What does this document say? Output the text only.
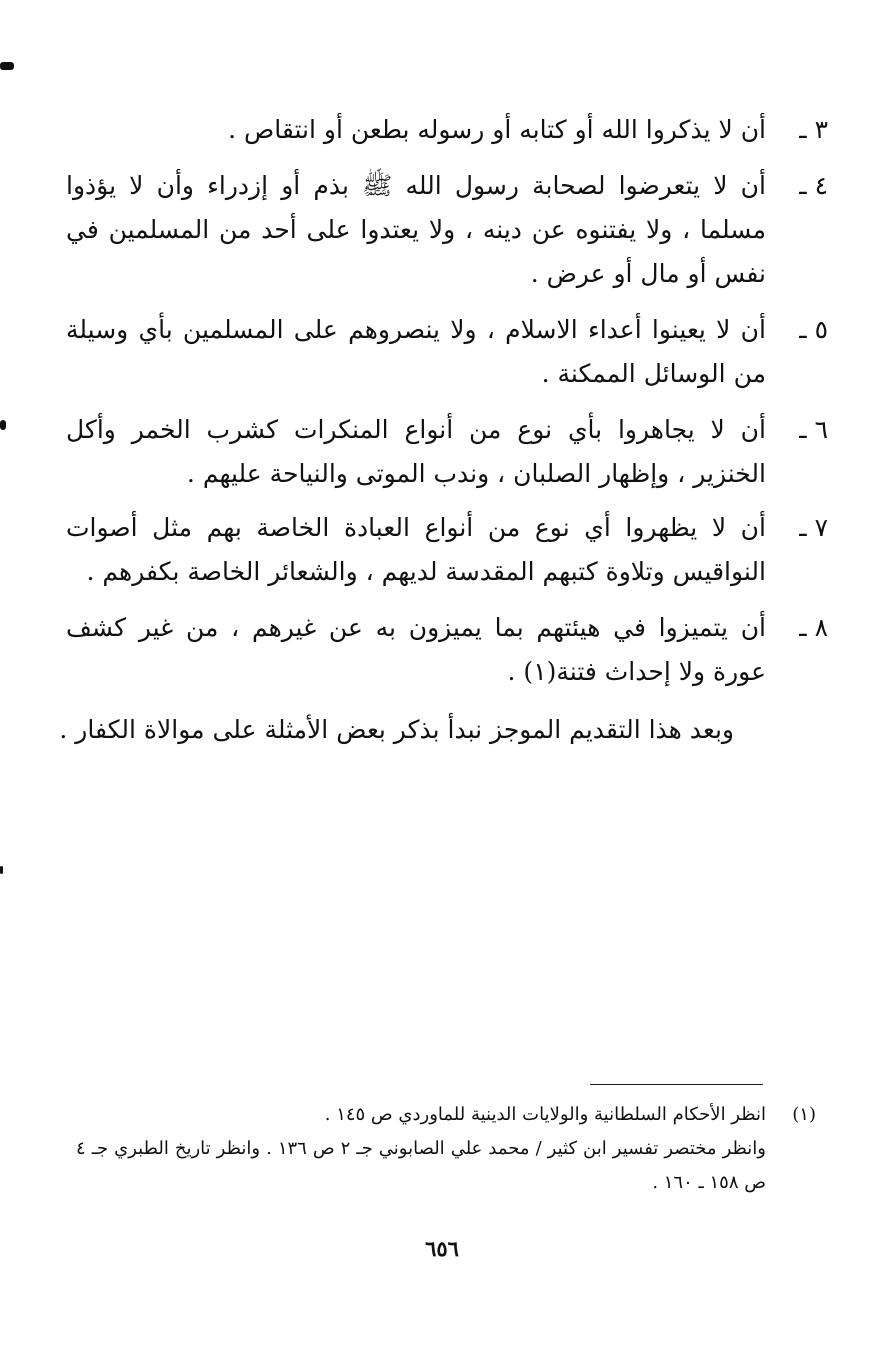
٣ ـ
أن لا يذكروا الله أو كتابه أو رسوله بطعن أو انتقاص .
٤ ـ
أن لا يتعرضوا لصحابة رسول الله ﷺ بذم أو إزدراء وأن لا يؤذوا مسلما ، ولا يفتنوه عن دينه ، ولا يعتدوا على أحد من المسلمين في نفس أو مال أو عرض .
٥ ـ
أن لا يعينوا أعداء الاسلام ، ولا ينصروهم على المسلمين بأي وسيلة من الوسائل الممكنة .
٦ ـ
أن لا يجاهروا بأي نوع من أنواع المنكرات كشرب الخمر وأكل الخنزير ، وإظهار الصلبان ، وندب الموتى والنياحة عليهم .
٧ ـ
أن لا يظهروا أي نوع من أنواع العبادة الخاصة بهم مثل أصوات النواقيس وتلاوة كتبهم المقدسة لديهم ، والشعائر الخاصة بكفرهم .
٨ ـ
أن يتميزوا في هيئتهم بما يميزون به عن غيرهم ، من غير كشف عورة ولا إحداث فتنة(١) .
وبعد هذا التقديم الموجز نبدأ بذكر بعض الأمثلة على موالاة الكفار .
(١)
انظر الأحكام السلطانية والولايات الدينية للماوردي ص ١٤٥ .
وانظر مختصر تفسير ابن كثير / محمد علي الصابوني جـ ٢ ص ١٣٦ . وانظر تاريخ الطبري جـ ٤ ص ١٥٨ ـ ١٦٠ .
٦٥٦
